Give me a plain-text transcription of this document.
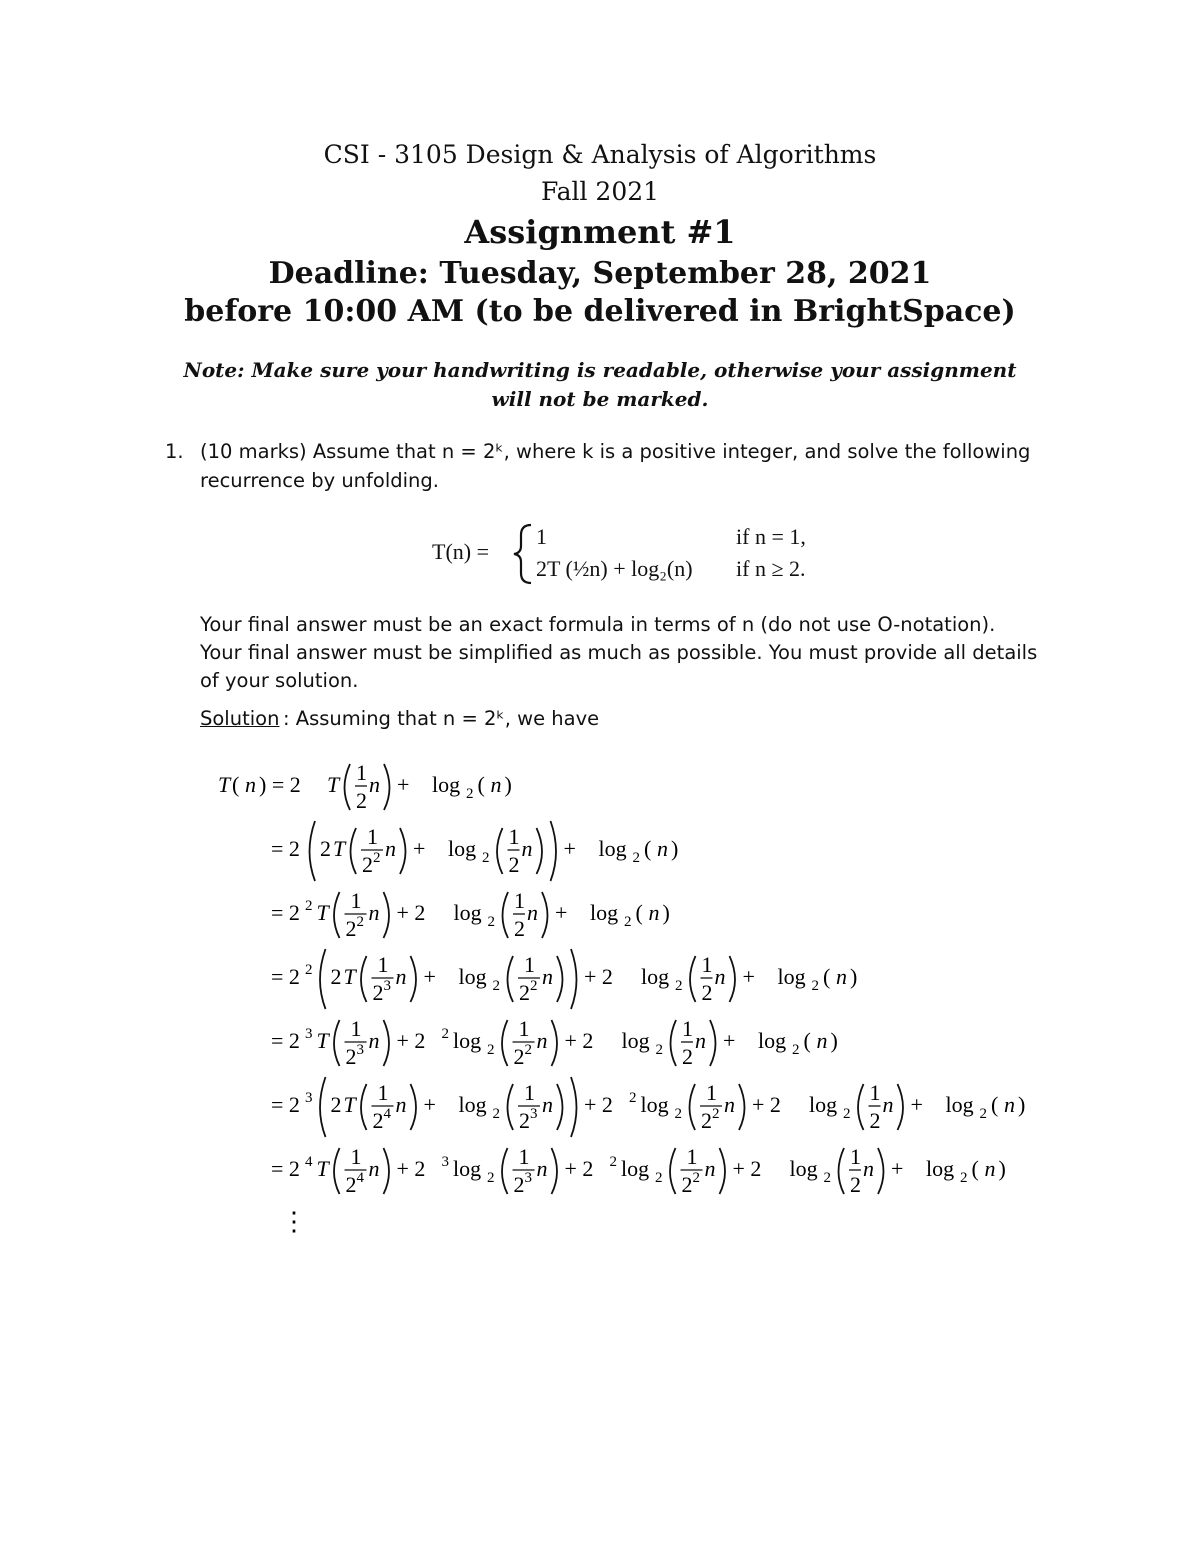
CSI - 3105 Design & Analysis of Algorithms
Fall 2021
Assignment #1
Deadline: Tuesday, September 28, 2021
before 10:00 AM (to be delivered in BrightSpace)
Note: Make sure your handwriting is readable, otherwise your assignment
will not be marked.
1. (10 marks) Assume that n = 2ᵏ, where k is a positive integer, and solve the following
recurrence by unfolding.
T(n) =
1	if n = 1,
2T (½n) + log₂(n) if n ≥ 2.
Your final answer must be an exact formula in terms of n (do not use O-notation).
Your final answer must be simplified as much as possible. You must provide all details
of your solution.
Solution : Assuming that n = 2ᵏ, we have
T ( n ) = 2 T 1
2
n + log 2 ( n )
= 2 2 T 1
2 2 n + log 2
1
2
n + log 2 ( n )
= 2 2 T 1
2 2 n + 2 log 2
1
2
n + log 2 ( n )
= 2 2 2 T 1
2 3 n + log 2
1
2 2 n + 2 log 2
1
2
n + log 2 ( n )
= 2 3 T 1
2 3 n + 2 2 log 2
1
2 2 n + 2 log 2
1
2
n + log 2 ( n )
= 2 3 2 T 1
2 4 n + log 2
1
2 3 n + 2 2 log 2
1
2 2 n + 2 log 2
1
2
n + log 2 ( n )
= 2 4 T 1
2 4 n + 2 3 log 2
1
2 3 n + 2 2 log 2
1
2 2 n + 2 log 2
1
2
n + log 2 ( n )
⋮
